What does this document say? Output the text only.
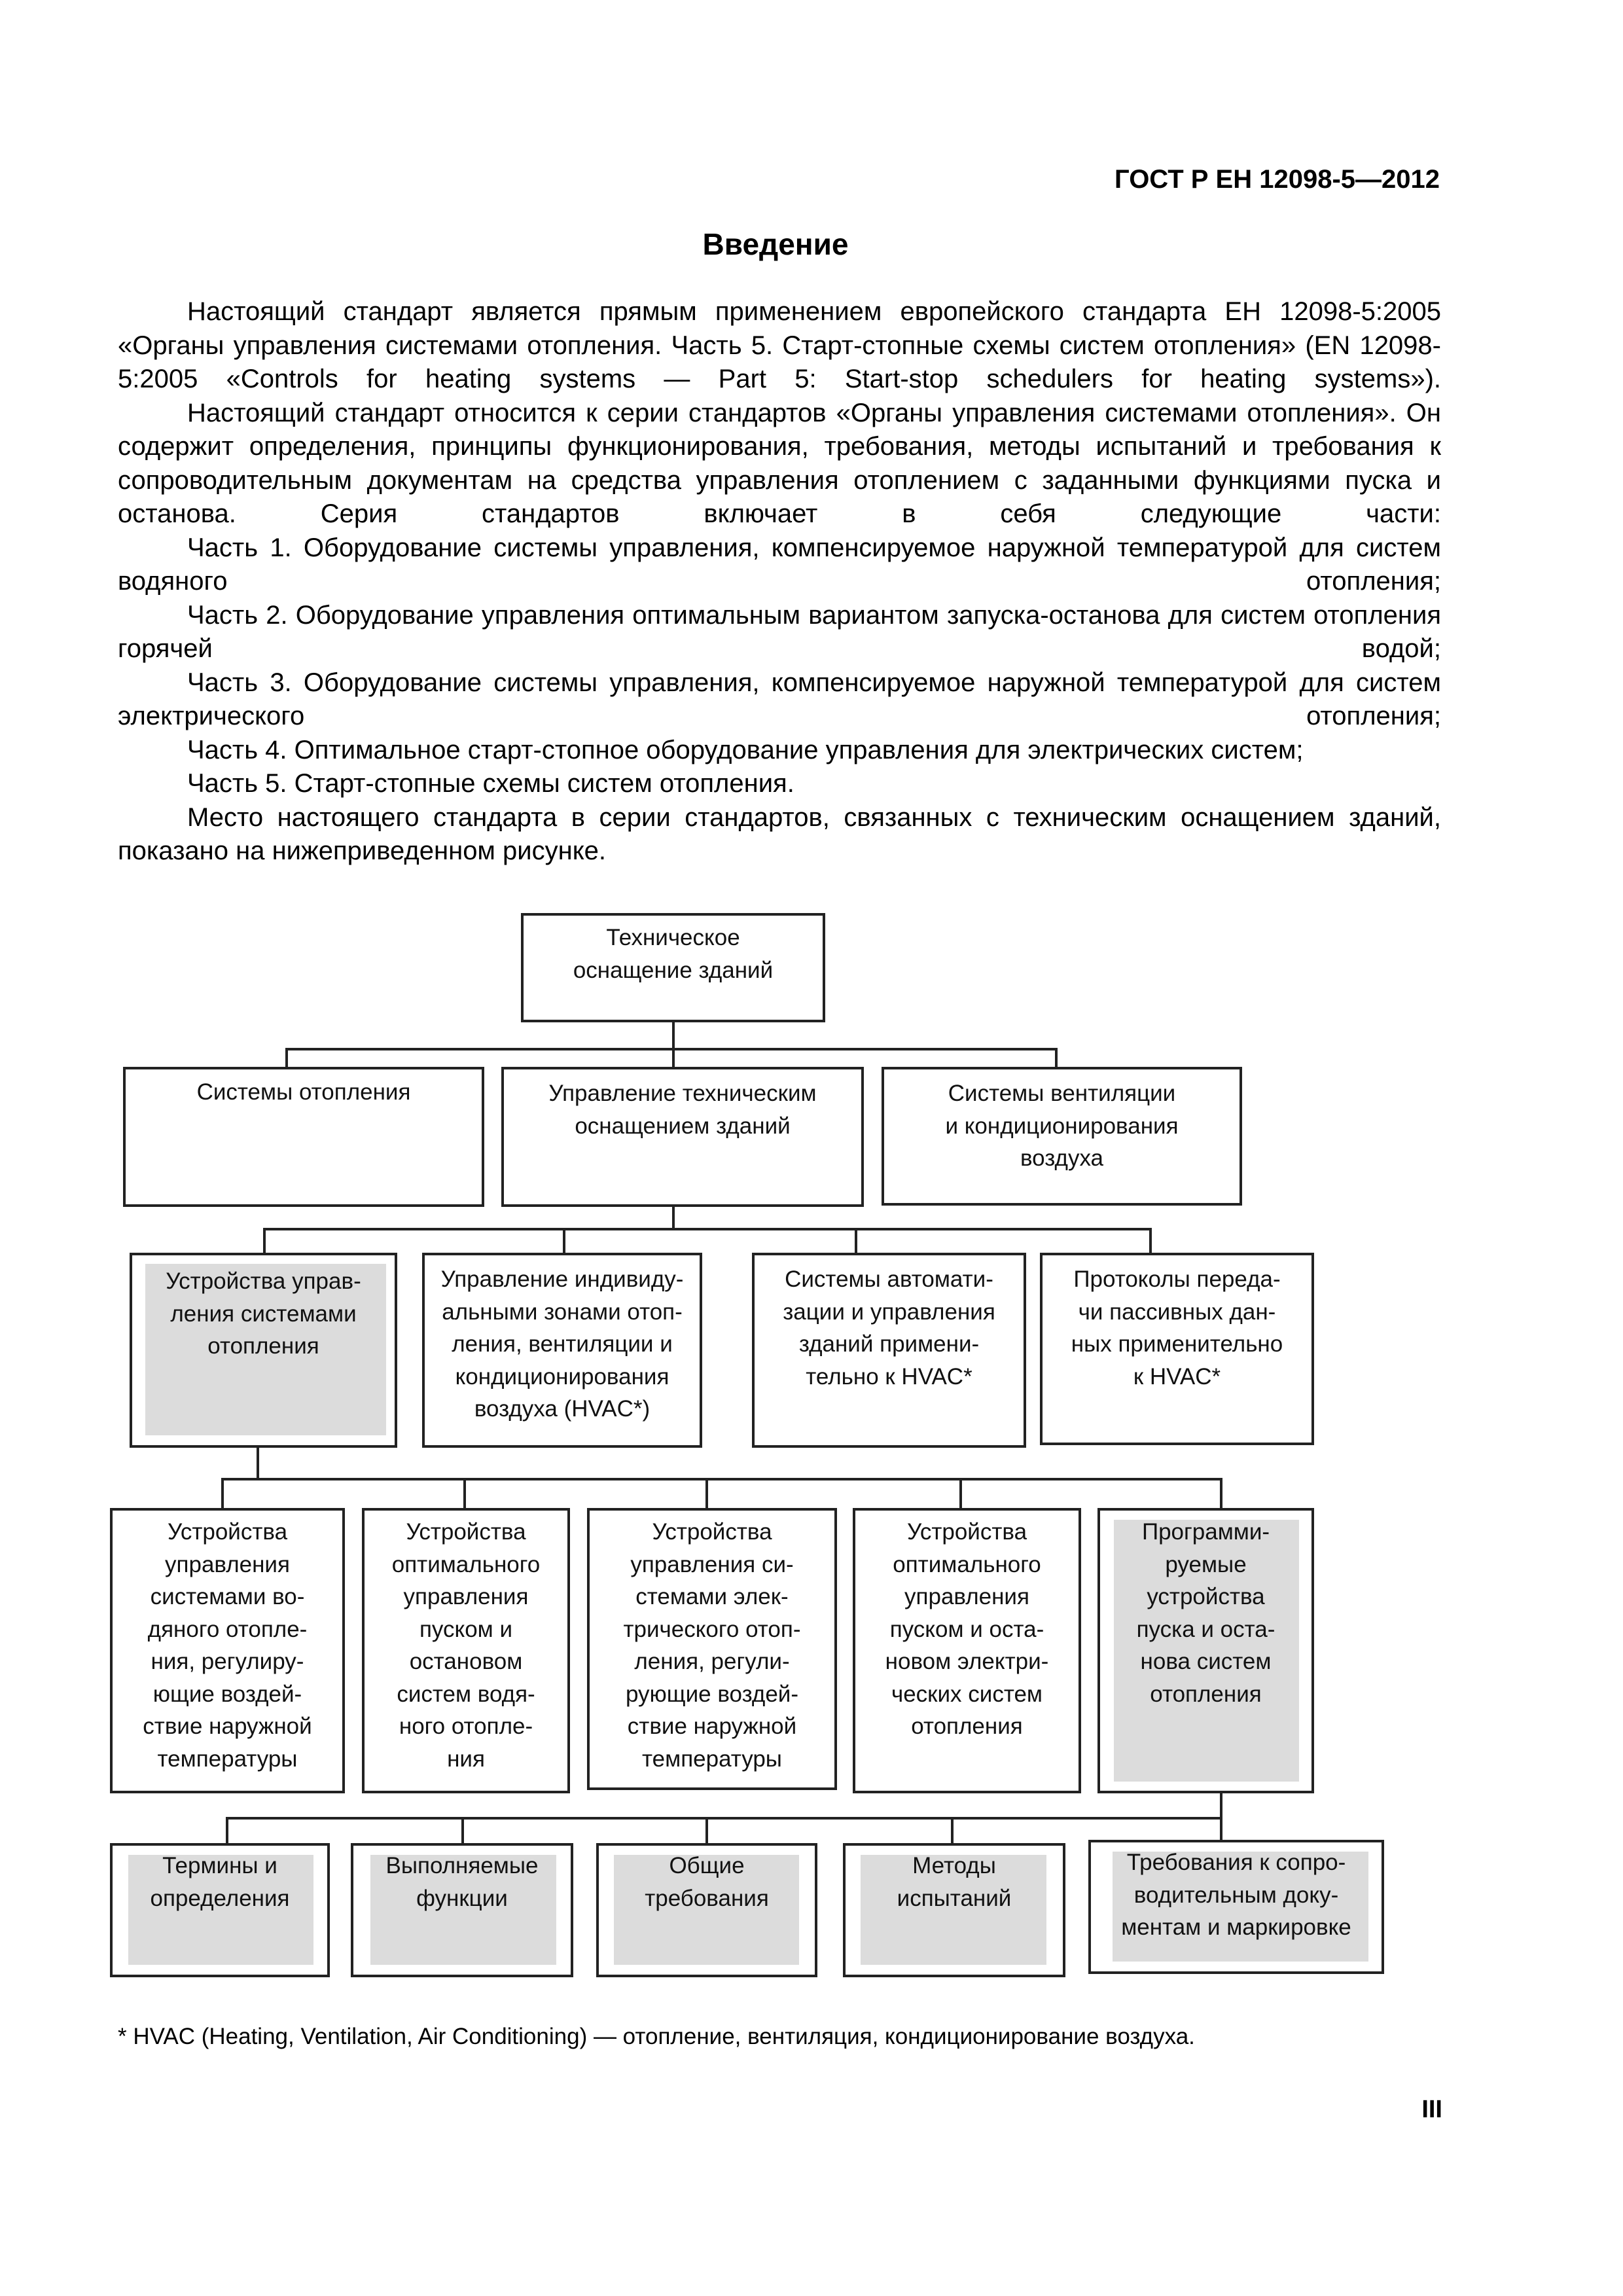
ГОСТ Р ЕН 12098-5—2012
Введение

Настоящий стандарт является прямым применением европейского стандарта ЕН 12098-5:2005 «Органы управления системами отопления. Часть 5. Старт-стопные схемы систем отопления» (EN 12098-5:2005 «Controls for heating systems — Part 5: Start-stop schedulers for heating systems»).

Настоящий стандарт относится к серии стандартов «Органы управления системами отопления». Он содержит определения, принципы функционирования, требования, методы испытаний и требования к сопроводительным документам на средства управления отоплением с заданными функциями пуска и останова. Серия стандартов включает в себя следующие части:

Часть 1. Оборудование системы управления, компенсируемое наружной температурой для систем водяного отопления;

Часть 2. Оборудование управления оптимальным вариантом запуска-останова для систем отопления горячей водой;

Часть 3. Оборудование системы управления, компенсируемое наружной температурой для систем электрического отопления;

Часть 4. Оптимальное старт-стопное оборудование управления для электрических систем;

Часть 5. Старт-стопные схемы систем отопления.

Место настоящего стандарта в серии стандартов, связанных с техническим оснащением зданий, показано на нижеприведенном рисунке.

Техническое
оснащение зданий
Системы отопления	Управление техническим
оснащением зданий
Системы вентиляции
и кондиционирования
воздуха
Устройства управ-
ления системами
отопления
Управление индивиду-
альными зонами отоп-
ления, вентиляции и
кондиционирования
воздуха (HVAC*)
Системы автомати-
зации и управления
зданий примени-
тельно к HVAC*
Протоколы переда-
чи пассивных дан-
ных применительно
к HVAC*
Устройства
управления
системами во-
дяного отопле-
ния, регулиру-
ющие воздей-
ствие наружной
температуры
Устройства
оптимального
управления
пуском и
остановом
систем водя-
ного отопле-
ния
Устройства
управления си-
стемами элек-
трического отоп-
ления, регули-
рующие воздей-
ствие наружной
температуры
Устройства
оптимального
управления
пуском и оста-
новом электри-
ческих систем
отопления
Программи-
руемые
устройства
пуска и оста-
нова систем
отопления
Термины и
определения
Выполняемые
функции
Общие
требования
Методы
испытаний
Требования к сопро-
водительным доку-
ментам и маркировке
* HVAC (Heating, Ventilation, Air Conditioning) — отопление, вентиляция, кондиционирование воздуха.
III
